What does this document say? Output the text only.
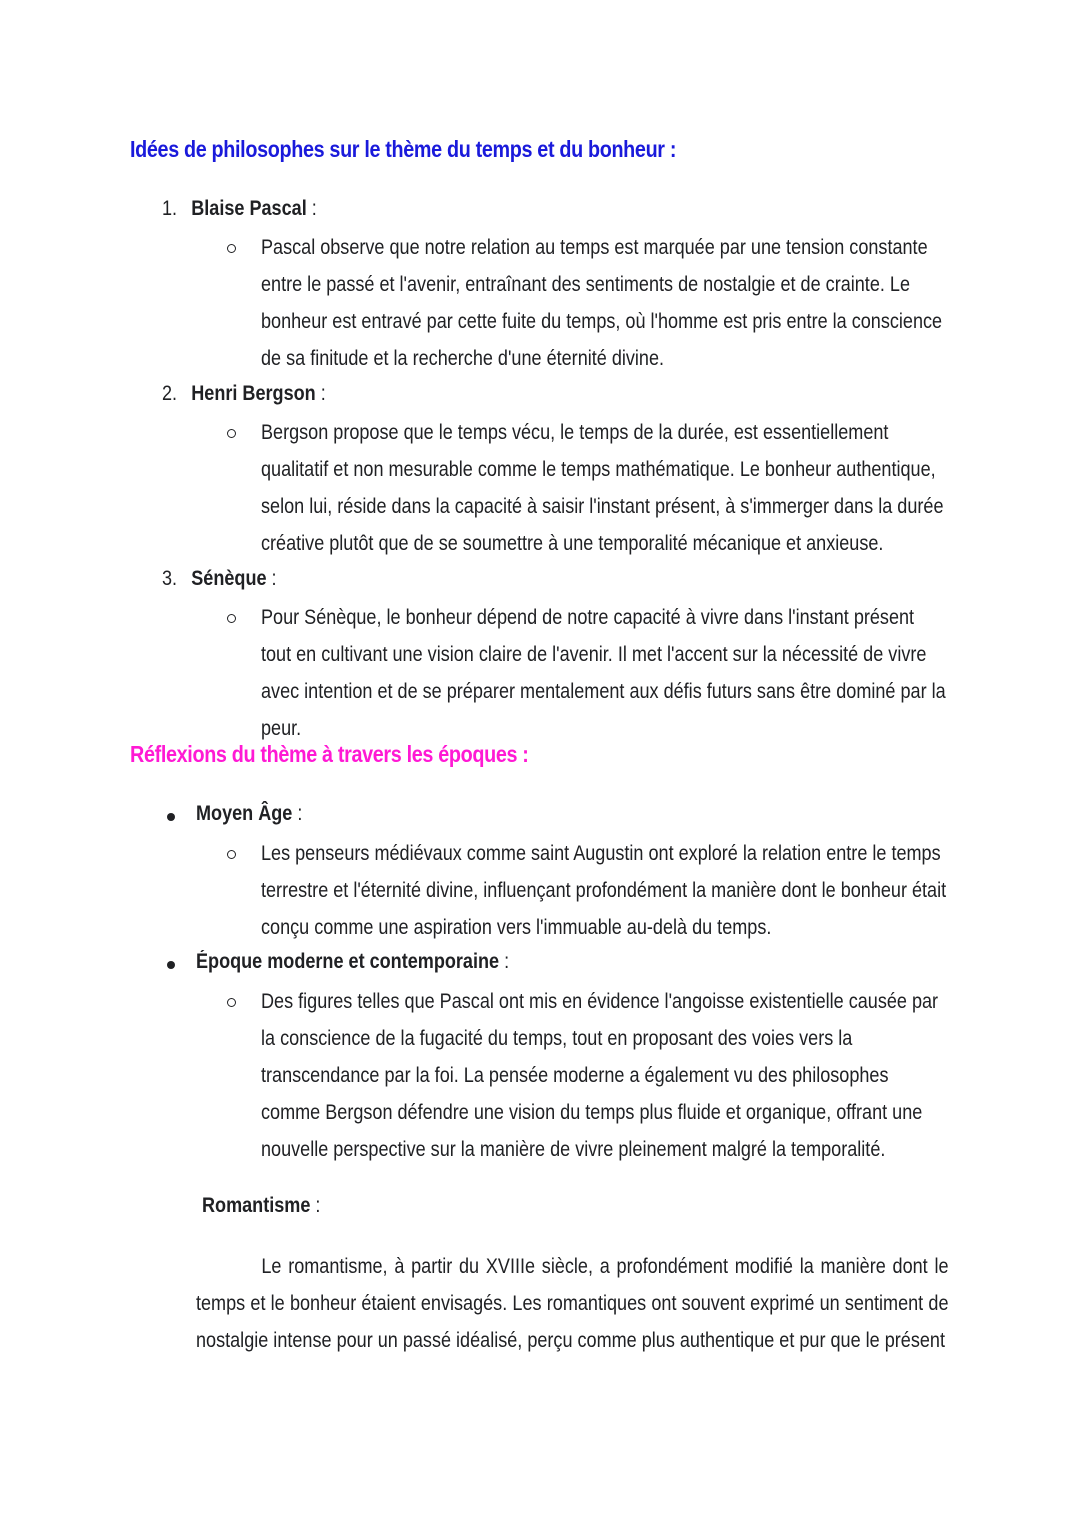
Idées de philosophes sur le thème du temps et du bonheur :
1. Blaise Pascal :

Pascal observe que notre relation au temps est marquée par une tension constante entre le passé et l'avenir, entraînant des sentiments de nostalgie et de crainte. Le bonheur est entravé par cette fuite du temps, où l'homme est pris entre la conscience de sa finitude et la recherche d'une éternité divine.

2. Henri Bergson :

Bergson propose que le temps vécu, le temps de la durée, est essentiellement qualitatif et non mesurable comme le temps mathématique. Le bonheur authentique, selon lui, réside dans la capacité à saisir l'instant présent, à s'immerger dans la durée créative plutôt que de se soumettre à une temporalité mécanique et anxieuse.

3. Sénèque :

Pour Sénèque, le bonheur dépend de notre capacité à vivre dans l'instant présent tout en cultivant une vision claire de l'avenir. Il met l'accent sur la nécessité de vivre avec intention et de se préparer mentalement aux défis futurs sans être dominé par la peur.

Réflexions du thème à travers les époques :
Moyen Âge :

Les penseurs médiévaux comme saint Augustin ont exploré la relation entre le temps terrestre et l'éternité divine, influençant profondément la manière dont le bonheur était conçu comme une aspiration vers l'immuable au-delà du temps.

Époque moderne et contemporaine :

Des figures telles que Pascal ont mis en évidence l'angoisse existentielle causée par la conscience de la fugacité du temps, tout en proposant des voies vers la transcendance par la foi. La pensée moderne a également vu des philosophes comme Bergson défendre une vision du temps plus fluide et organique, offrant une nouvelle perspective sur la manière de vivre pleinement malgré la temporalité.

Romantisme :

Le romantisme, à partir du XVIIIe siècle, a profondément modifié la manière dont le temps et le bonheur étaient envisagés. Les romantiques ont souvent exprimé un sentiment de nostalgie intense pour un passé idéalisé, perçu comme plus authentique et pur que le présent
